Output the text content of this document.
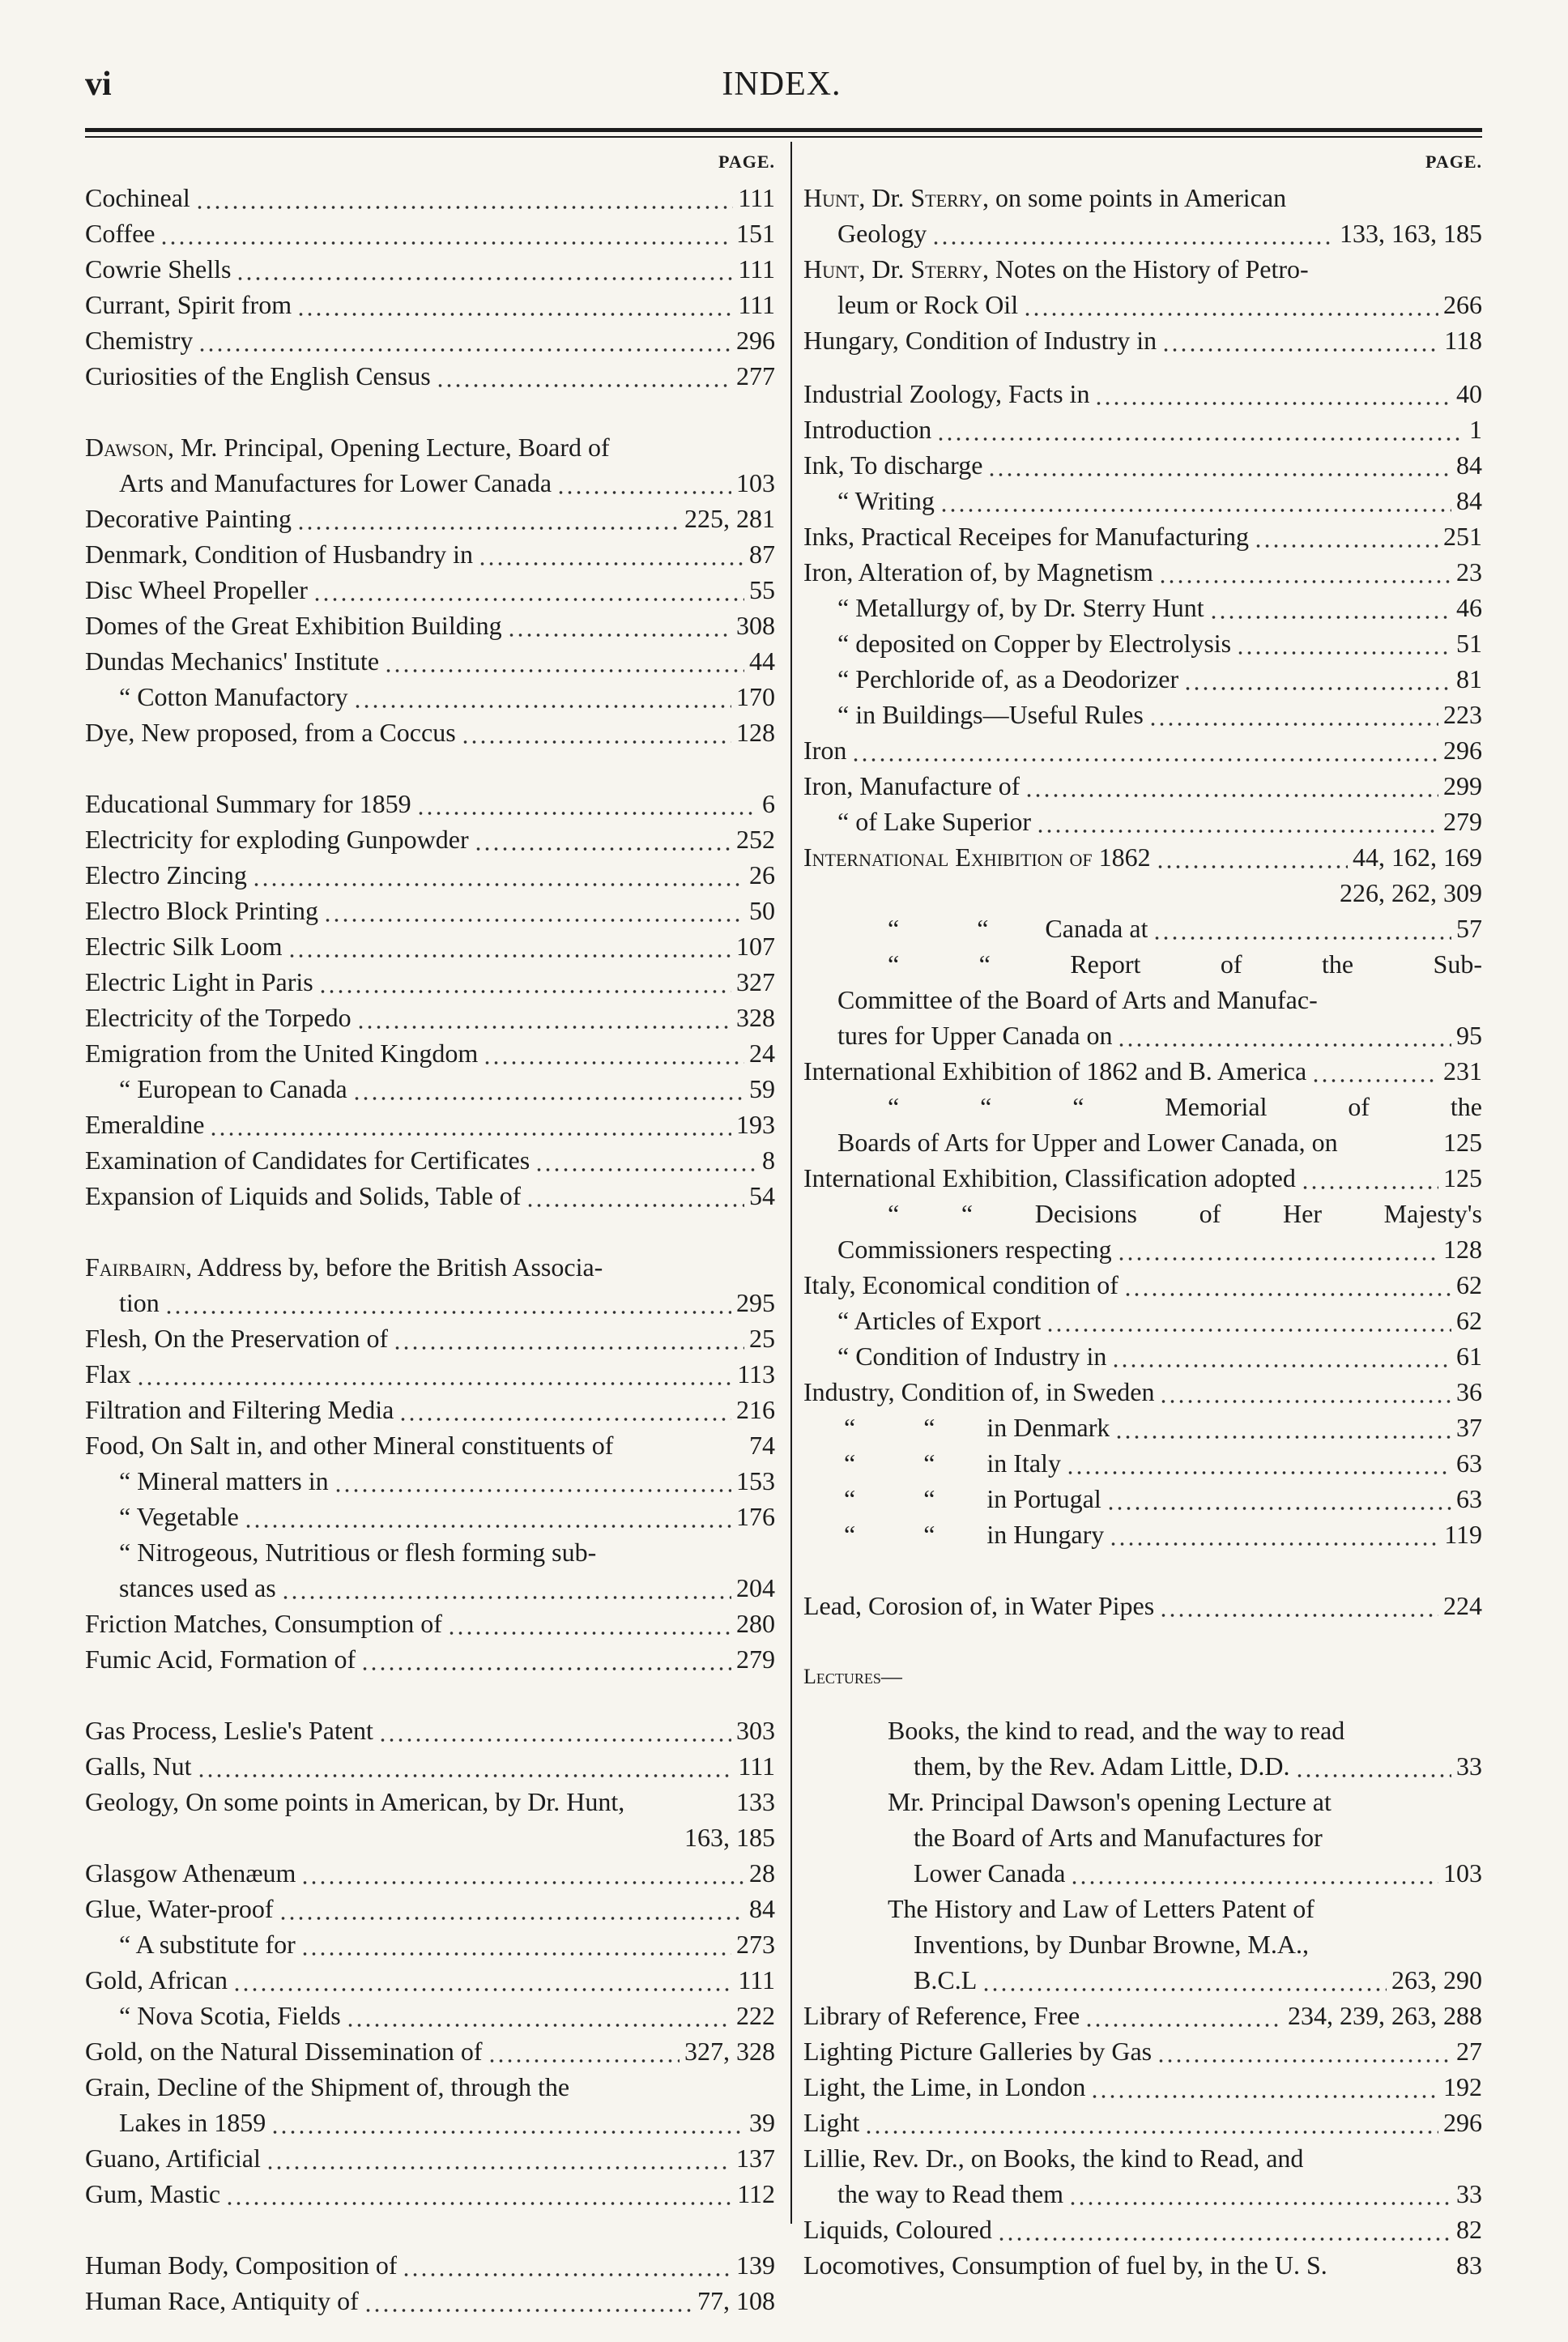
vi	INDEX.
PAGE.
Cochineal	111
Coffee	151
Cowrie Shells	111
Currant, Spirit from	111
Chemistry	296
Curiosities of the English Census	277
Dawson, Mr. Principal, Opening Lecture, Board of
Arts and Manufactures for Lower Canada	103
Decorative Painting	225, 281
Denmark, Condition of Husbandry in	87
Disc Wheel Propeller	55
Domes of the Great Exhibition Building	308
Dundas Mechanics' Institute	44
“ Cotton Manufactory	170
Dye, New proposed, from a Coccus	128
Educational Summary for 1859	6
Electricity for exploding Gunpowder	252
Electro Zincing	26
Electro Block Printing	50
Electric Silk Loom	107
Electric Light in Paris	327
Electricity of the Torpedo	328
Emigration from the United Kingdom	24
“ European to Canada	59
Emeraldine	193
Examination of Candidates for Certificates	8
Expansion of Liquids and Solids, Table of	54
Fairbairn, Address by, before the British Associa-
tion	295
Flesh, On the Preservation of	25
Flax	113
Filtration and Filtering Media	216
Food, On Salt in, and other Mineral constituents of	74
“ Mineral matters in	153
“ Vegetable	176
“ Nitrogeous, Nutritious or flesh forming sub-
stances used as	204
Friction Matches, Consumption of	280
Fumic Acid, Formation of	279
Gas Process, Leslie's Patent	303
Galls, Nut	111
Geology, On some points in American, by Dr. Hunt,	133
163, 185
Glasgow Athenæum	28
Glue, Water-proof	84
“ A substitute for	273
Gold, African	111
“ Nova Scotia, Fields	222
Gold, on the Natural Dissemination of	327, 328
Grain, Decline of the Shipment of, through the
Lakes in 1859	39
Guano, Artificial	137
Gum, Mastic	112
Human Body, Composition of	139
Human Race, Antiquity of	77, 108
PAGE.
Hunt, Dr. Sterry, on some points in American
Geology	133, 163, 185
Hunt, Dr. Sterry, Notes on the History of Petro-
leum or Rock Oil	266
Hungary, Condition of Industry in	118
Industrial Zoology, Facts in	40
Introduction	1
Ink, To discharge	84
“ Writing	84
Inks, Practical Receipes for Manufacturing	251
Iron, Alteration of, by Magnetism	23
“ Metallurgy of, by Dr. Sterry Hunt	46
“ deposited on Copper by Electrolysis	51
“ Perchloride of, as a Deodorizer	81
“ in Buildings—Useful Rules	223
Iron	296
Iron, Manufacture of	299
“ of Lake Superior	279
International Exhibition of 1862	44, 162, 169
226, 262, 309
“	“ Canada at	57
“	“	Report	of	the	Sub-
Committee of the Board of Arts and Manufac-
tures for Upper Canada on	95
International Exhibition of 1862 and B. America	231
“	“	“	Memorial	of	the
Boards of Arts for Upper and Lower Canada, on	125
International Exhibition, Classification adopted	125
“ “ Decisions of Her Majesty's
Commissioners respecting	128
Italy, Economical condition of	62
“ Articles of Export	62
“ Condition of Industry in	61
Industry, Condition of, in Sweden	36
“	“ in Denmark	37
“	“ in Italy	63
“	“ in Portugal	63
“	“ in Hungary	119
Lead, Corosion of, in Water Pipes	224
Lectures—
Books, the kind to read, and the way to read
them, by the Rev. Adam Little, D.D.	33
Mr. Principal Dawson's opening Lecture at
the Board of Arts and Manufactures for
Lower Canada	103
The History and Law of Letters Patent of
Inventions, by Dunbar Browne, M.A.,
B.C.L	263, 290
Library of Reference, Free	234, 239, 263, 288
Lighting Picture Galleries by Gas	27
Light, the Lime, in London	192
Light	296
Lillie, Rev. Dr., on Books, the kind to Read, and
the way to Read them	33
Liquids, Coloured	82
Locomotives, Consumption of fuel by, in the U. S.	83
